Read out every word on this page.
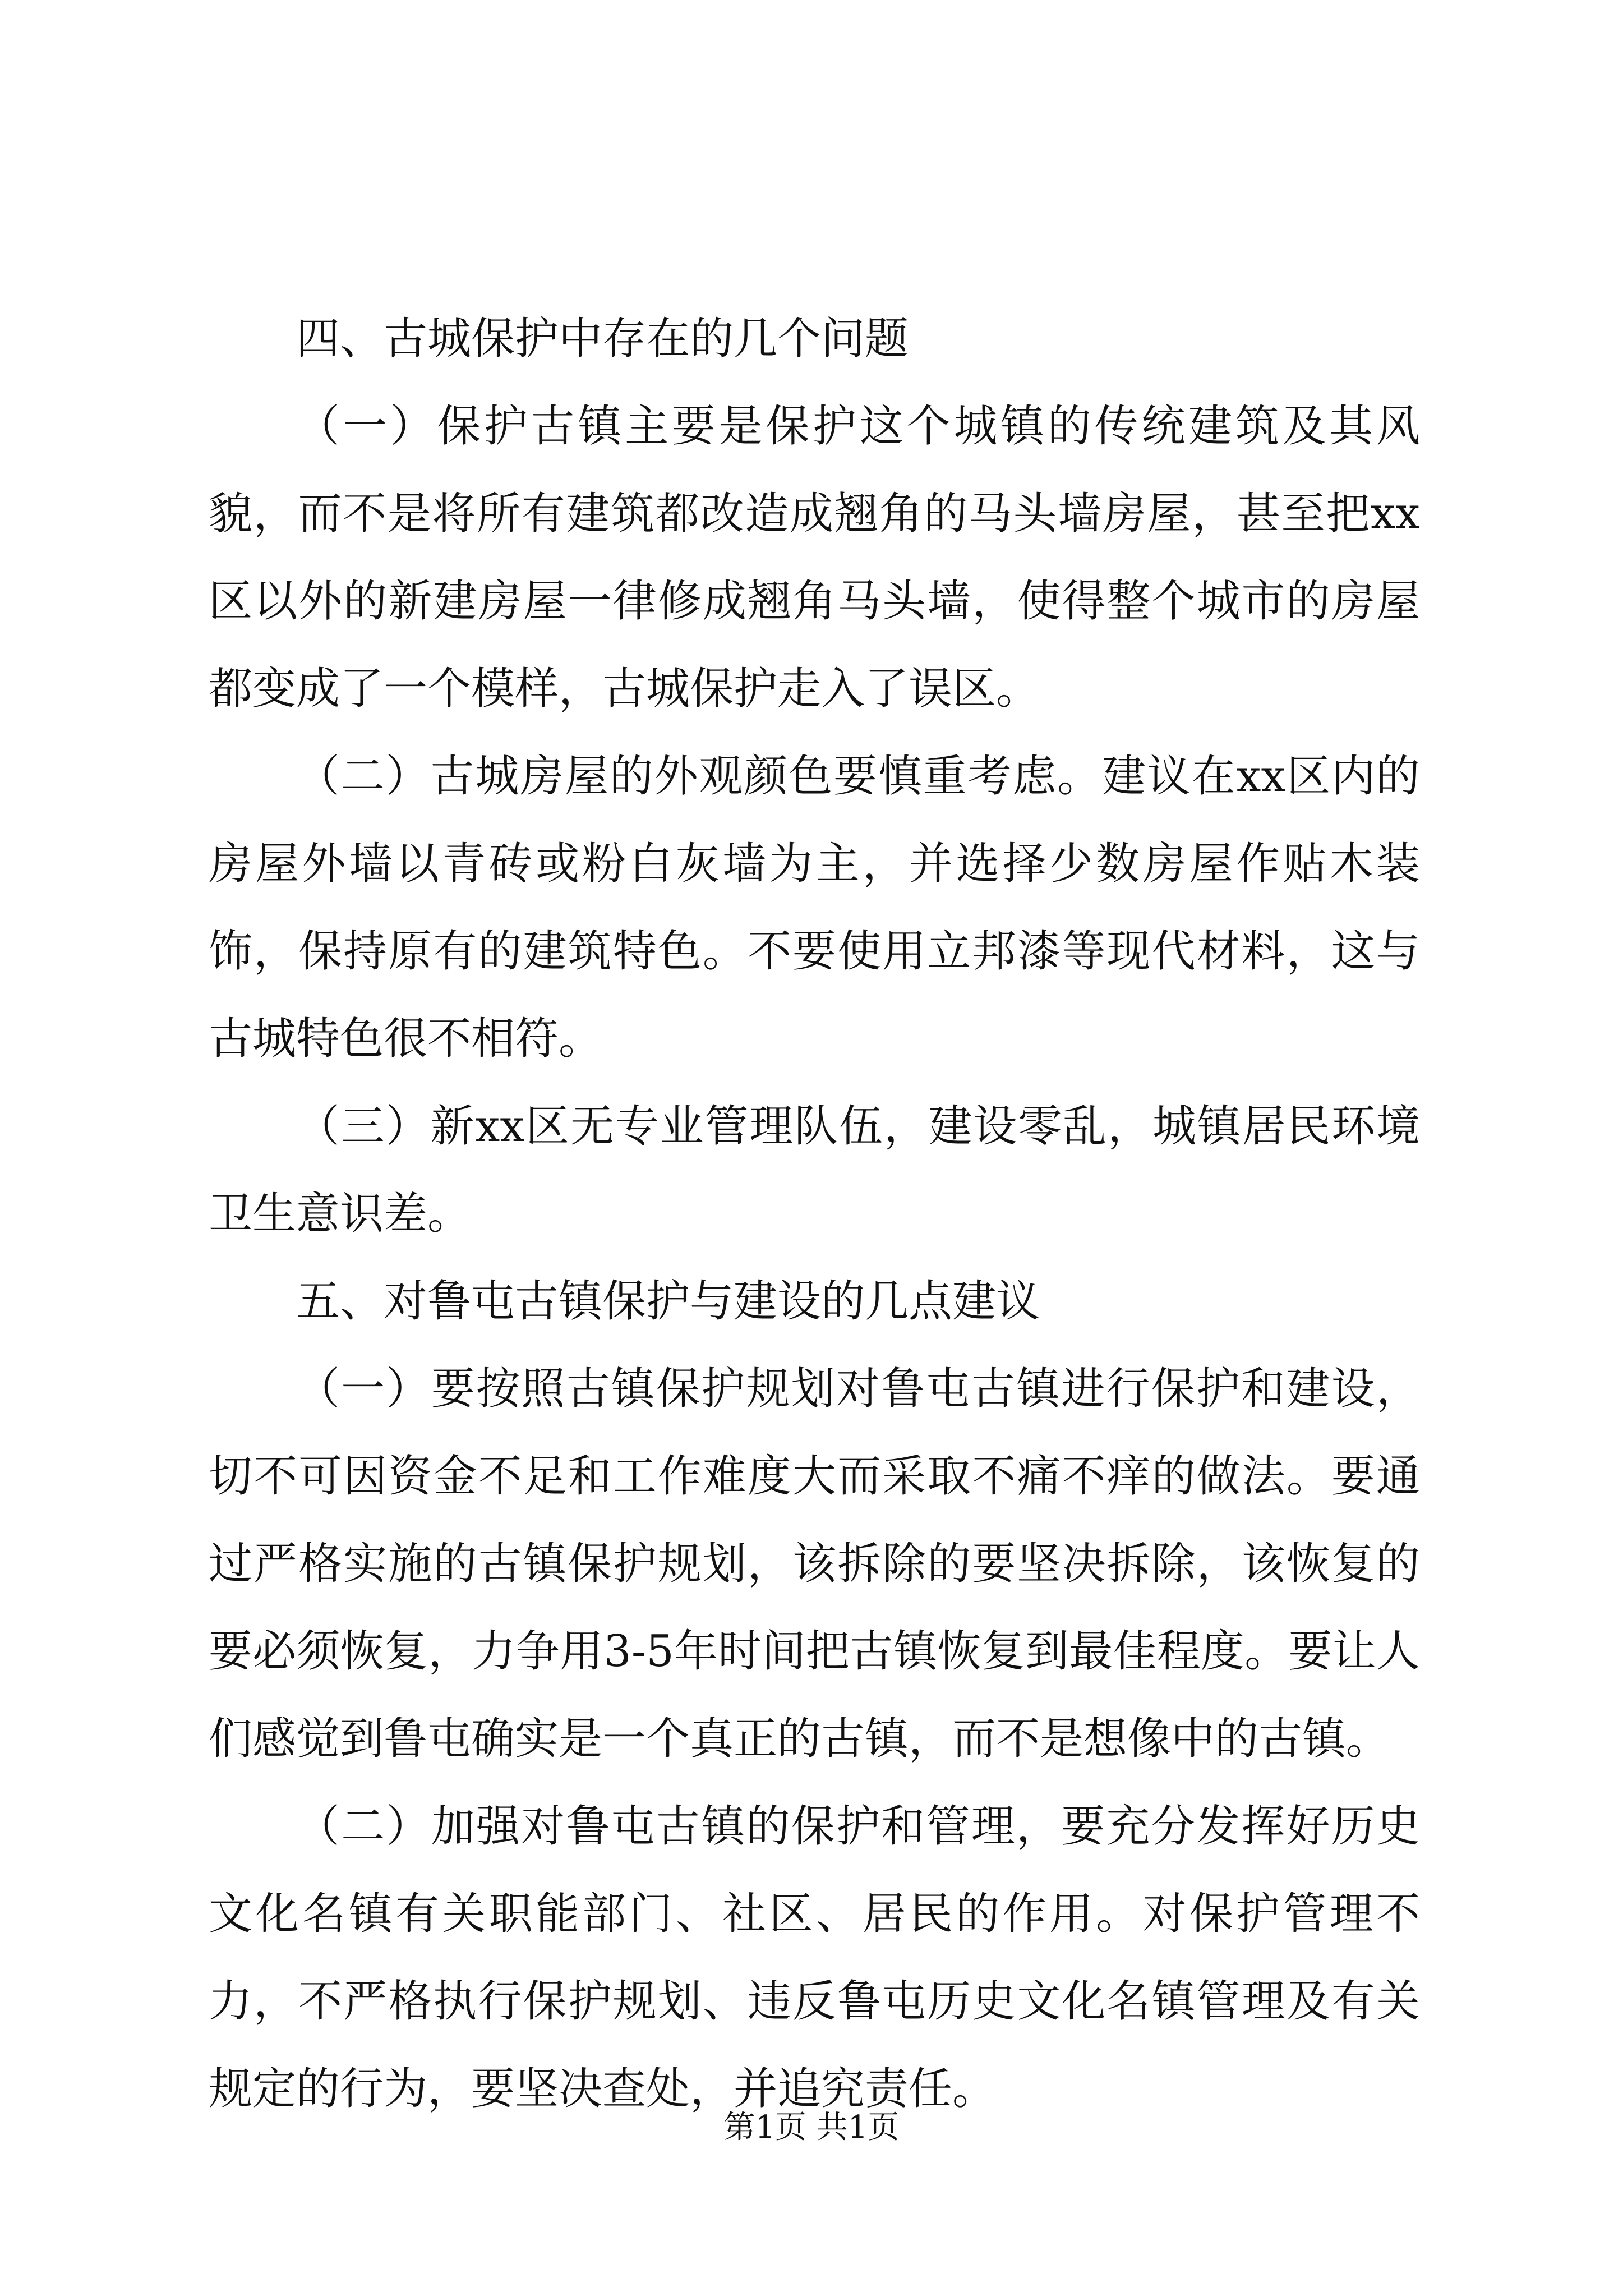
四、古城保护中存在的几个问题

（一）保护古镇主要是保护这个城镇的传统建筑及其风貌，而不是将所有建筑都改造成翘角的马头墙房屋，甚至把xx区以外的新建房屋一律修成翘角马头墙，使得整个城市的房屋都变成了一个模样，古城保护走入了误区。

（二）古城房屋的外观颜色要慎重考虑。建议在xx区内的房屋外墙以青砖或粉白灰墙为主，并选择少数房屋作贴木装饰，保持原有的建筑特色。不要使用立邦漆等现代材料，这与古城特色很不相符。

（三）新xx区无专业管理队伍，建设零乱，城镇居民环境卫生意识差。

五、对鲁屯古镇保护与建设的几点建议

（一）要按照古镇保护规划对鲁屯古镇进行保护和建设，切不可因资金不足和工作难度大而采取不痛不痒的做法。要通过严格实施的古镇保护规划，该拆除的要坚决拆除，该恢复的要必须恢复，力争用3-5年时间把古镇恢复到最佳程度。要让人们感觉到鲁屯确实是一个真正的古镇，而不是想像中的古镇。

（二）加强对鲁屯古镇的保护和管理，要充分发挥好历史文化名镇有关职能部门、社区、居民的作用。对保护管理不力，不严格执行保护规划、违反鲁屯历史文化名镇管理及有关规定的行为，要坚决查处，并追究责任。

第1页 共1页
